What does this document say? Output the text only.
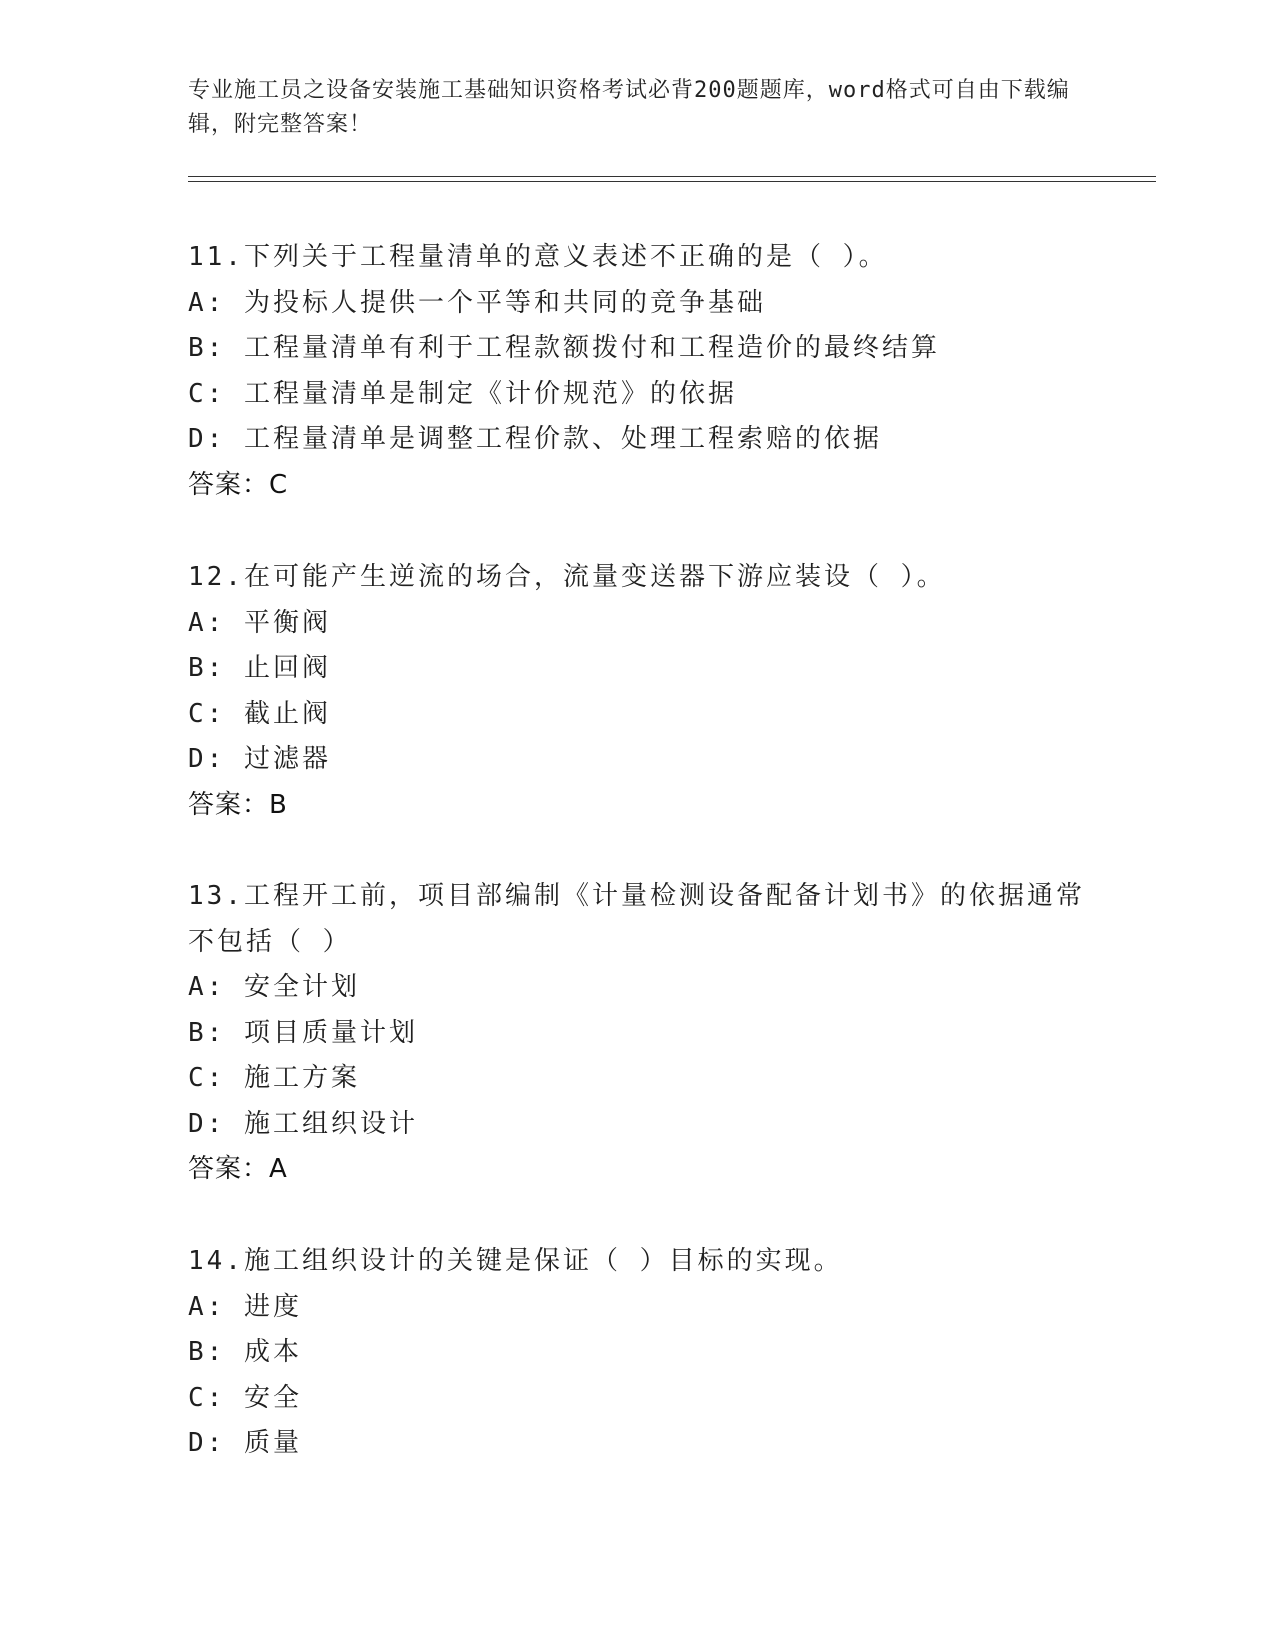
专业施工员之设备安装施工基础知识资格考试必背200题题库，word格式可自由下载编辑，附完整答案！
11.下列关于工程量清单的意义表述不正确的是（ ）。
A: 为投标人提供一个平等和共同的竞争基础
B: 工程量清单有利于工程款额拨付和工程造价的最终结算
C: 工程量清单是制定《计价规范》的依据
D: 工程量清单是调整工程价款、处理工程索赔的依据
答案：C
12.在可能产生逆流的场合，流量变送器下游应装设（ ）。
A: 平衡阀
B: 止回阀
C: 截止阀
D: 过滤器
答案：B
13.工程开工前，项目部编制《计量检测设备配备计划书》的依据通常不包括（ ）
A: 安全计划
B: 项目质量计划
C: 施工方案
D: 施工组织设计
答案：A
14.施工组织设计的关键是保证（ ）目标的实现。
A: 进度
B: 成本
C: 安全
D: 质量
